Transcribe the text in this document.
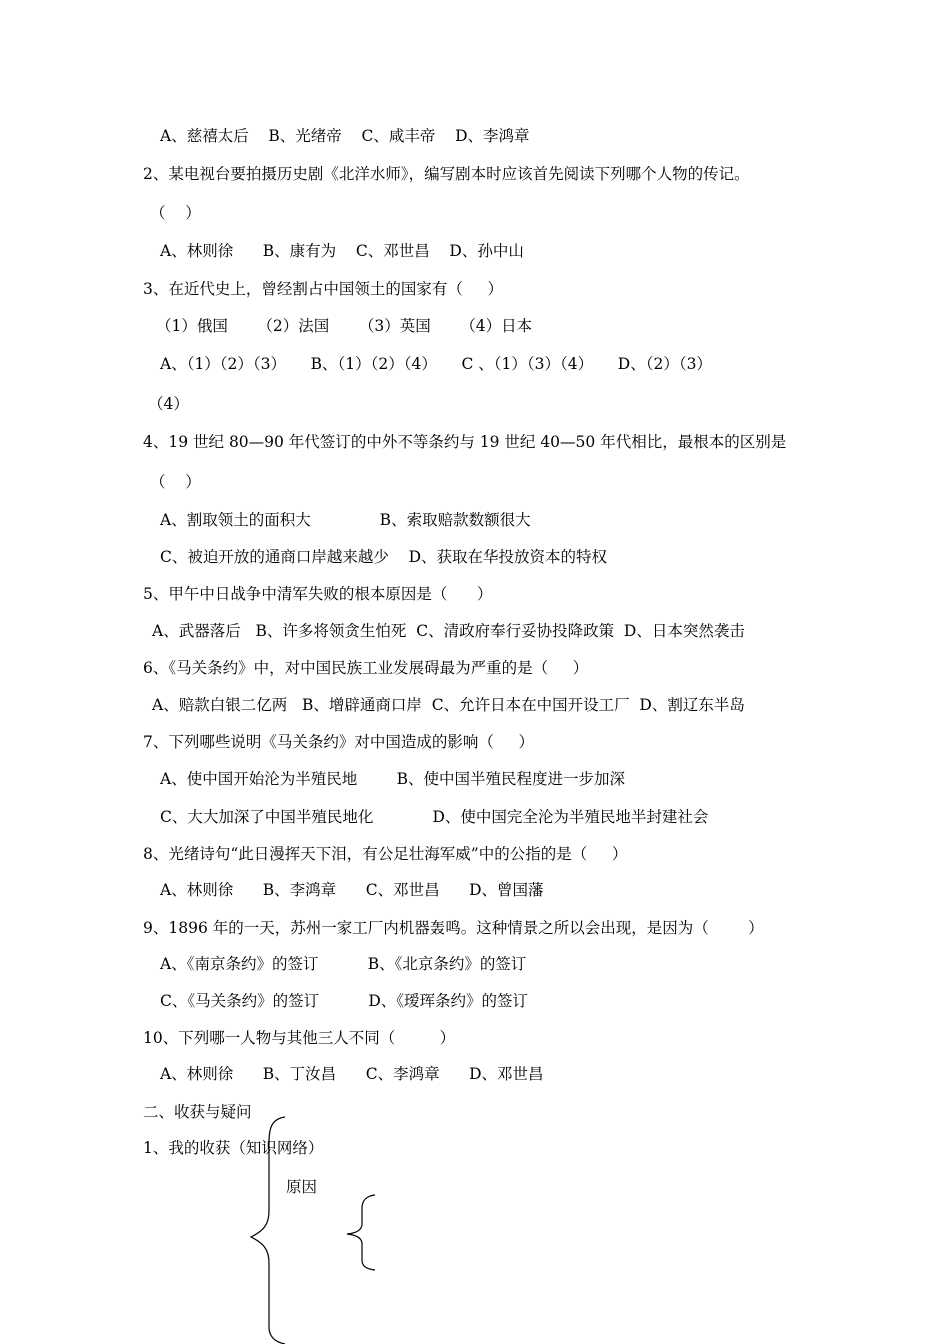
A、慈禧太后    B、光绪帝    C、咸丰帝    D、李鸿章
2、某电视台要拍摄历史剧《北洋水师》，编写剧本时应该首先阅读下列哪个人物的传记。
（    ）
A、林则徐      B、康有为    C、邓世昌    D、孙中山
3、在近代史上，曾经割占中国领土的国家有（     ）
（1）俄国      （2）法国      （3）英国      （4）日本
A、（1）（2）（3）     B、（1）（2）（4）     C 、（1）（3）（4）     D、（2）（3）
（4）
4、19 世纪 80—90 年代签订的中外不等条约与 19 世纪 40—50 年代相比，最根本的区别是
（    ）
A、割取领土的面积大              B、索取赔款数额很大
C、被迫开放的通商口岸越来越少    D、获取在华投放资本的特权
5、甲午中日战争中清军失败的根本原因是（      ）
A、武器落后   B、许多将领贪生怕死  C、清政府奉行妥协投降政策  D、日本突然袭击
6、《马关条约》中，对中国民族工业发展碍最为严重的是（     ）
A、赔款白银二亿两   B、增辟通商口岸  C、允许日本在中国开设工厂  D、割辽东半岛
7、下列哪些说明《马关条约》对中国造成的影响（     ）
A、使中国开始沦为半殖民地        B、使中国半殖民程度进一步加深
C、大大加深了中国半殖民地化            D、使中国完全沦为半殖民地半封建社会
8、光绪诗句“此日漫挥天下泪，有公足壮海军威”中的公指的是（     ）
A、林则徐      B、李鸿章      C、邓世昌      D、曾国藩
9、1896 年的一天，苏州一家工厂内机器轰鸣。这种情景之所以会出现，是因为（        ）
A、《南京条约》的签订          B、《北京条约》的签订
C、《马关条约》的签订          D、《瑷珲条约》的签订
10、下列哪一人物与其他三人不同（         ）
A、林则徐      B、丁汝昌      C、李鸿章      D、邓世昌
二、收获与疑问
1、我的收获（知识网络）
原因
